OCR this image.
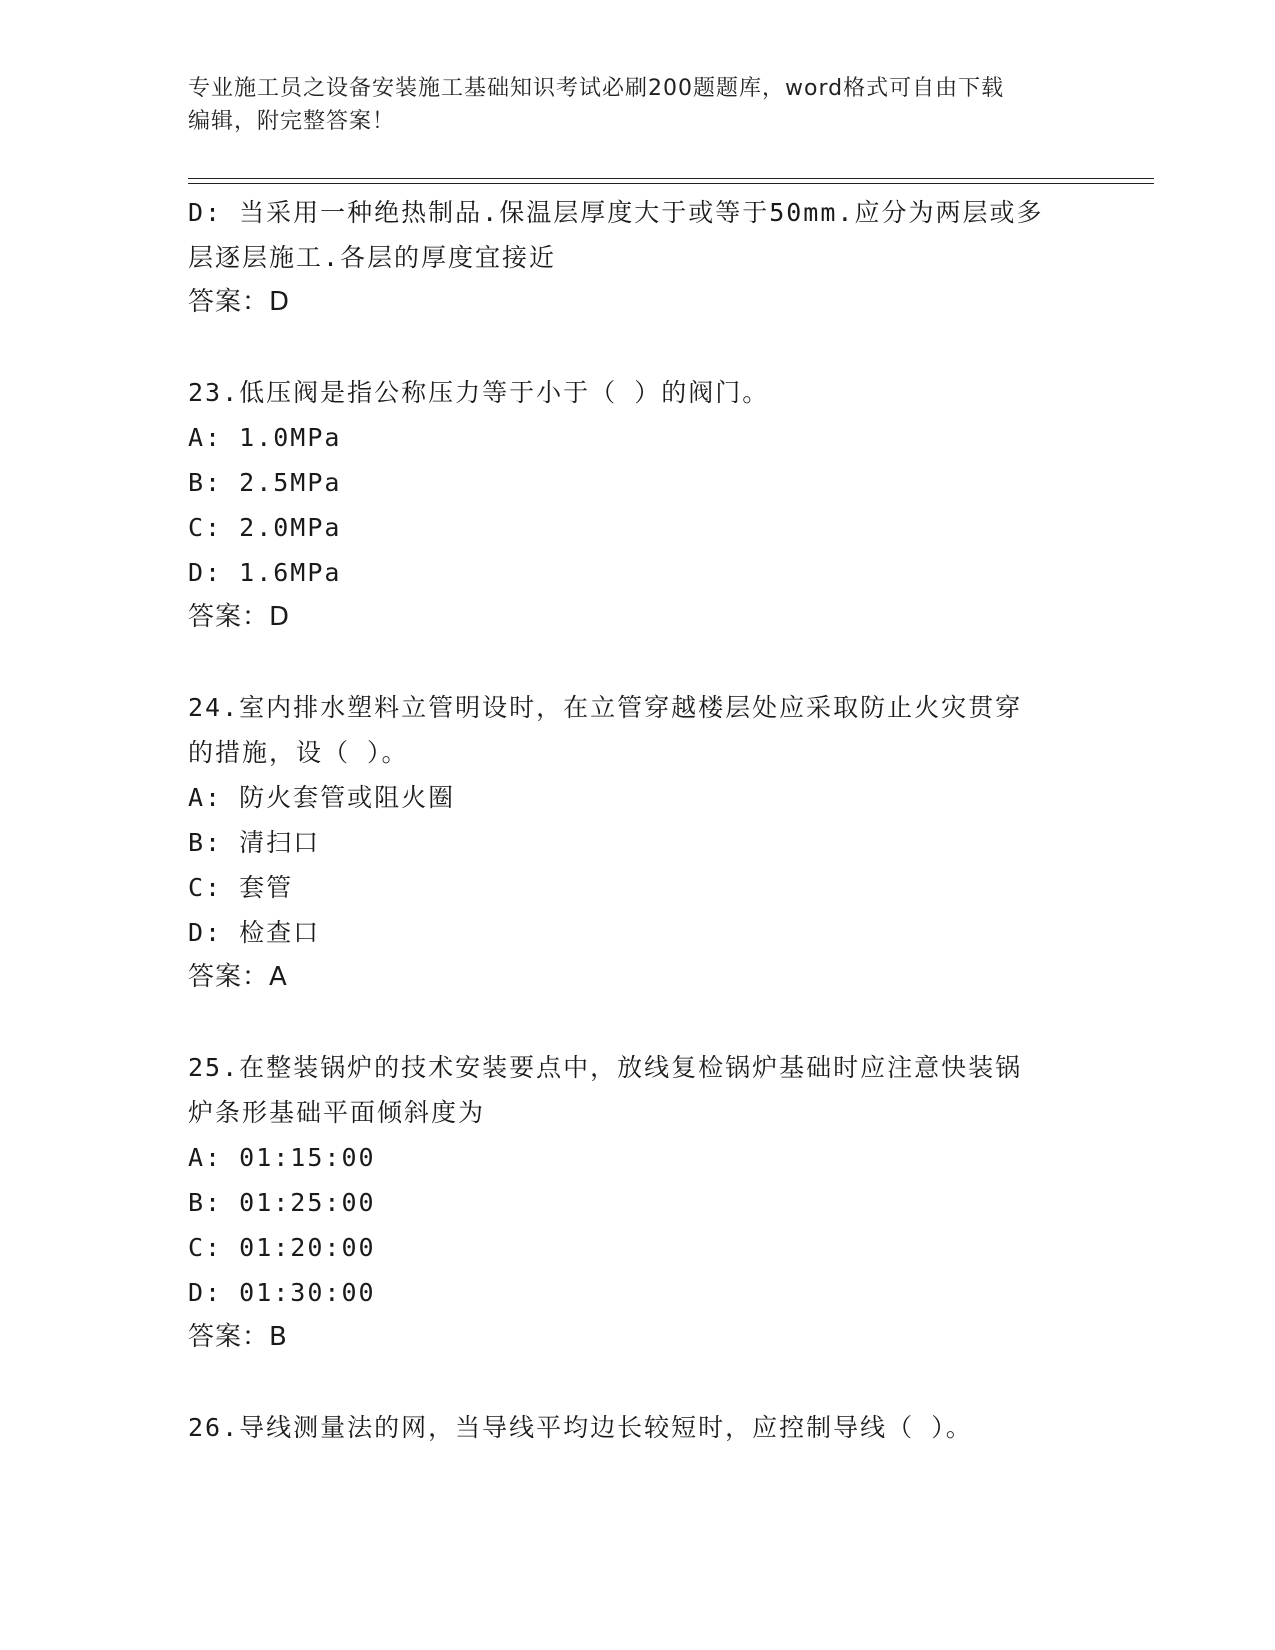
专业施工员之设备安装施工基础知识考试必刷200题题库，word格式可自由下载
编辑，附完整答案！
D: 当采用一种绝热制品.保温层厚度大于或等于50mm.应分为两层或多
层逐层施工.各层的厚度宜接近
答案：D
23.低压阀是指公称压力等于小于（ ）的阀门。
A: 1.0MPa
B: 2.5MPa
C: 2.0MPa
D: 1.6MPa
答案：D
24.室内排水塑料立管明设时，在立管穿越楼层处应采取防止火灾贯穿
的措施，设（ ）。
A: 防火套管或阻火圈
B: 清扫口
C: 套管
D: 检查口
答案：A
25.在整装锅炉的技术安装要点中，放线复检锅炉基础时应注意快装锅
炉条形基础平面倾斜度为
A: 01:15:00
B: 01:25:00
C: 01:20:00
D: 01:30:00
答案：B
26.导线测量法的网，当导线平均边长较短时，应控制导线（ ）。
